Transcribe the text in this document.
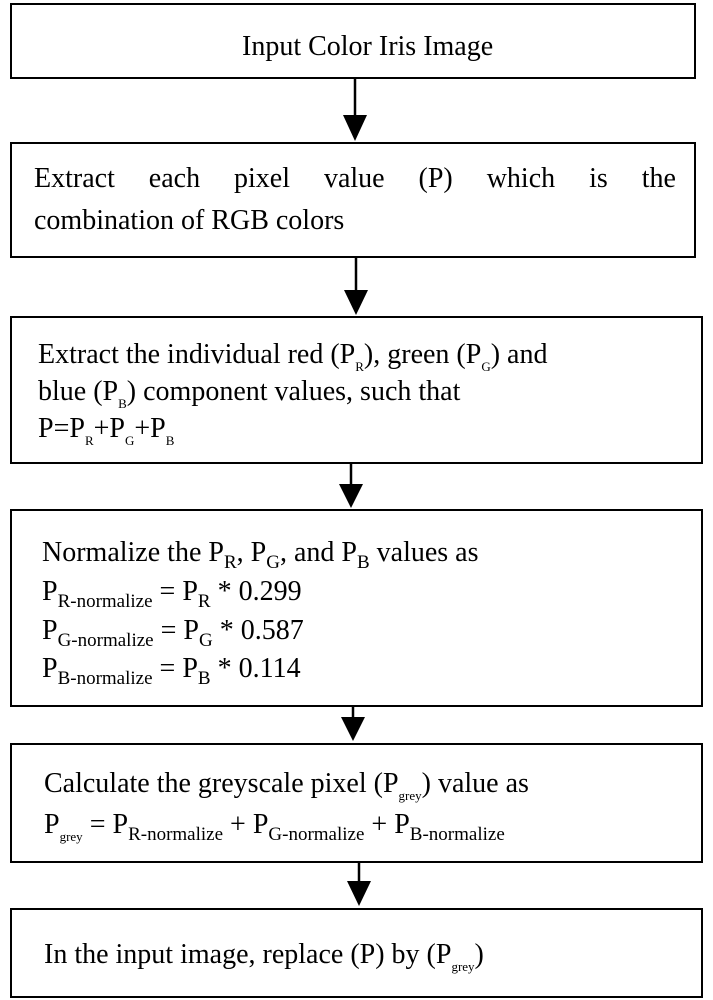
Input Color Iris Image
Extract each pixel value (P) which is the
combination of RGB colors
Extract the individual red $(P_R)$, green $(P_G)$ and
blue $(P_B)$ component values, such that
$P=P_R+P_G+P_B$
Normalize the $P_R$, $P_G$, and $P_B$ values as
$P_{R-normalize} = P_R * 0.299$
$P_{G-normalize} = P_G * 0.587$
$P_{B-normalize} = P_B * 0.114$
Calculate the greyscale pixel $(P_{grey})$ value as
$P_{grey} = P_{R-normalize} + P_{G-normalize} + P_{B-normalize}$
In the input image, replace (P) by $(P_{grey})$
